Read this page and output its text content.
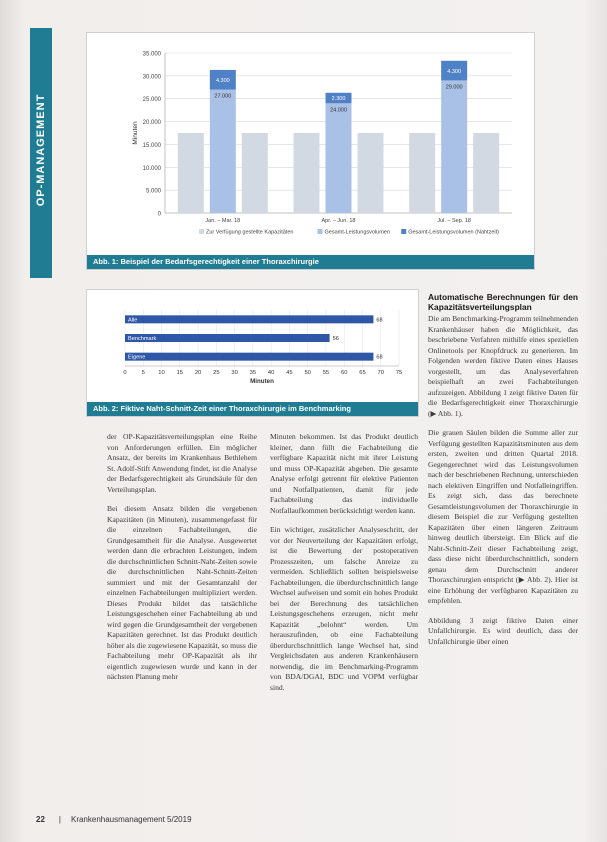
OP-MANAGEMENT
0
5.000
10.000
15.000
20.000
25.000
30.000
35.000
Minuten
4.300
27.000
Jan. – Mar. 18
2.300
24.000
Apr. – Jun. 18
4.300
29.000
Jul. – Sep. 18
Zur Verfügung gestellte Kapazitäten	Gesamt-Leistungsvolumen	Gesamt-Leistungsvolumen (Nahtzeit)
Abb. 1: Beispiel der Bedarfsgerechtigkeit einer Thoraxchirurgie
0	5 10 15 20 25 30 35 40 45 50 55 60 65 70 75
Minuten
Alle	68
Benchmark	56
Eigene	68
Abb. 2: Fiktive Naht-Schnitt-Zeit einer Thoraxchirurgie im Benchmarking

der OP-Kapazitätsverteilungsplan eine Reihe von Anforderungen erfüllen. Ein möglicher Ansatz, der bereits im Krankenhaus Bethlehem St. Adolf-Stift Anwendung findet, ist die Analyse der Bedarfsgerechtigkeit als Grundsäule für den Verteilungsplan.

Bei diesem Ansatz bilden die vergebenen Kapazitäten (in Minuten), zusammengefasst für die einzelnen Fachabteilungen, die Grundgesamtheit für die Analyse. Ausgewertet werden dann die erbrachten Leistungen, indem die durchschnittlichen Schnitt-Naht-Zeiten sowie die durchschnittlichen Naht-Schnitt-Zeiten summiert und mit der Gesamtanzahl der einzelnen Fachabteilungen multipliziert werden. Dieses Produkt bildet das tatsächliche Leistungsgeschehen einer Fachabteilung ab und wird gegen die Grundgesamtheit der vergebenen Kapazitäten gerechnet. Ist das Produkt deutlich höher als die zugewiesene Kapazität, so muss die Fachabteilung mehr OP-Kapazität als ihr eigentlich zugewiesen wurde und kann in der nächsten Planung mehr

Minuten bekommen. Ist das Produkt deutlich kleiner, dann füllt die Fachabteilung die verfügbare Kapazität nicht mit ihrer Leistung und muss OP-Kapazität abgeben. Die gesamte Analyse erfolgt getrennt für elektive Patienten und Notfallpatienten, damit für jede Fachabteilung das individuelle Notfallaufkommen berücksichtigt werden kann.

Ein wichtiger, zusätzlicher Analyseschritt, der vor der Neuverteilung der Kapazitäten erfolgt, ist die Bewertung der postoperativen Prozesszeiten, um falsche Anreize zu vermeiden. Schließlich sollten beispielsweise Fachabteilungen, die überdurchschnittlich lange Wechsel aufweisen und somit ein hohes Produkt bei der Berechnung des tatsächlichen Leistungsgeschehens erzeugen, nicht mehr Kapazität „belohnt“ werden. Um herauszufinden, ob eine Fachabteilung überdurchschnittlich lange Wechsel hat, sind Vergleichsdaten aus anderen Krankenhäusern notwendig, die im Benchmarking-Programm von BDA/DGAI, BDC und VOPM verfügbar sind.

Automatische Berechnungen für den Kapazitätsverteilungsplan

Die am Benchmarking-Programm teilnehmenden Krankenhäuser haben die Möglichkeit, das beschriebene Verfahren mithilfe eines speziellen Onlinetools per Knopfdruck zu generieren. Im Folgenden werden fiktive Daten eines Hauses vorgestellt, um das Analyseverfahren beispielhaft an zwei Fachabteilungen aufzuzeigen. Abbildung 1 zeigt fiktive Daten für die Bedarfsgerechtigkeit einer Thoraxchirurgie (▶ Abb. 1).

Die grauen Säulen bilden die Summe aller zur Verfügung gestellten Kapazitätsminuten aus dem ersten, zweiten und dritten Quartal 2018. Gegengerechnet wird das Leistungsvolumen nach der beschriebenen Rechnung, unterschieden nach elektiven Eingriffen und Notfalleingriffen. Es zeigt sich, dass das berechnete Gesamtleistungsvolumen der Thoraxchirurgie in diesem Beispiel die zur Verfügung gestellten Kapazitäten über einen längeren Zeitraum hinweg deutlich übersteigt. Ein Blick auf die Naht-Schnitt-Zeit dieser Fachabteilung zeigt, dass diese nicht überdurchschnittlich, sondern genau dem Durchschnitt anderer Thoraxchirurgien entspricht (▶ Abb. 2). Hier ist eine Erhöhung der verfügbaren Kapazitäten zu empfehlen.

Abbildung 3 zeigt fiktive Daten einer Unfallchirurgie. Es wird deutlich, dass der Unfallchirurgie über einen

22 | Krankenhausmanagement 5/2019
